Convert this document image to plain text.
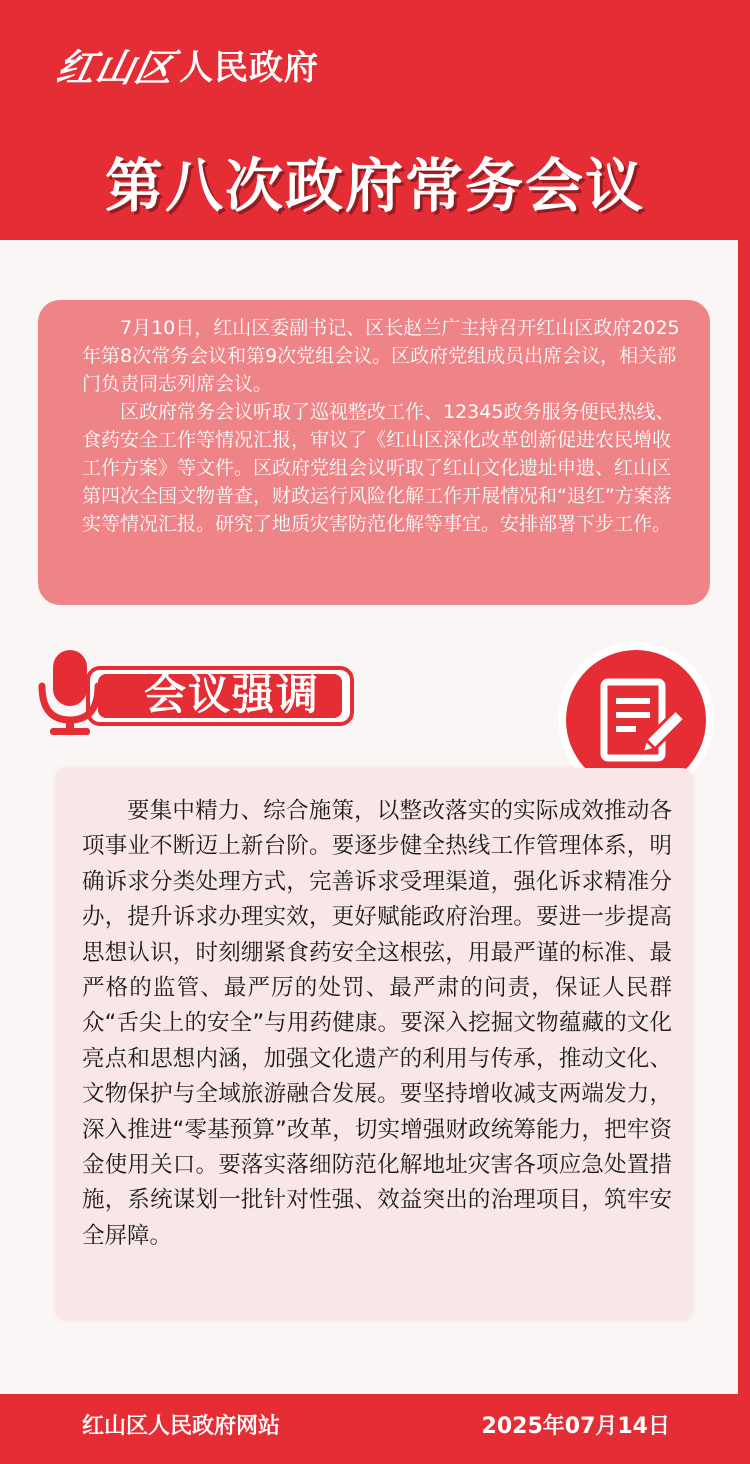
红山区 人民政府
第八次政府常务会议

7月10日，红山区委副书记、区长赵兰广主持召开红山区政府2025年第8次常务会议和第9次党组会议。区政府党组成员出席会议，相关部门负责同志列席会议。

区政府常务会议听取了巡视整改工作、12345政务服务便民热线、食药安全工作等情况汇报，审议了《红山区深化改革创新促进农民增收工作方案》等文件。区政府党组会议听取了红山文化遗址申遗、红山区第四次全国文物普查，财政运行风险化解工作开展情况和“退红”方案落实等情况汇报。研究了地质灾害防范化解等事宜。安排部署下步工作。

会议强调

要集中精力、综合施策，以整改落实的实际成效推动各项事业不断迈上新台阶。要逐步健全热线工作管理体系，明确诉求分类处理方式，完善诉求受理渠道，强化诉求精准分办，提升诉求办理实效，更好赋能政府治理。要进一步提高思想认识，时刻绷紧食药安全这根弦，用最严谨的标准、最严格的监管、最严厉的处罚、最严肃的问责，保证人民群众“舌尖上的安全”与用药健康。要深入挖掘文物蕴藏的文化亮点和思想内涵，加强文化遗产的利用与传承，推动文化、文物保护与全域旅游融合发展。要坚持增收减支两端发力，深入推进“零基预算”改革，切实增强财政统筹能力，把牢资金使用关口。要落实落细防范化解地址灾害各项应急处置措施，系统谋划一批针对性强、效益突出的治理项目，筑牢安全屏障。

红山区人民政府网站	2025年07月14日
